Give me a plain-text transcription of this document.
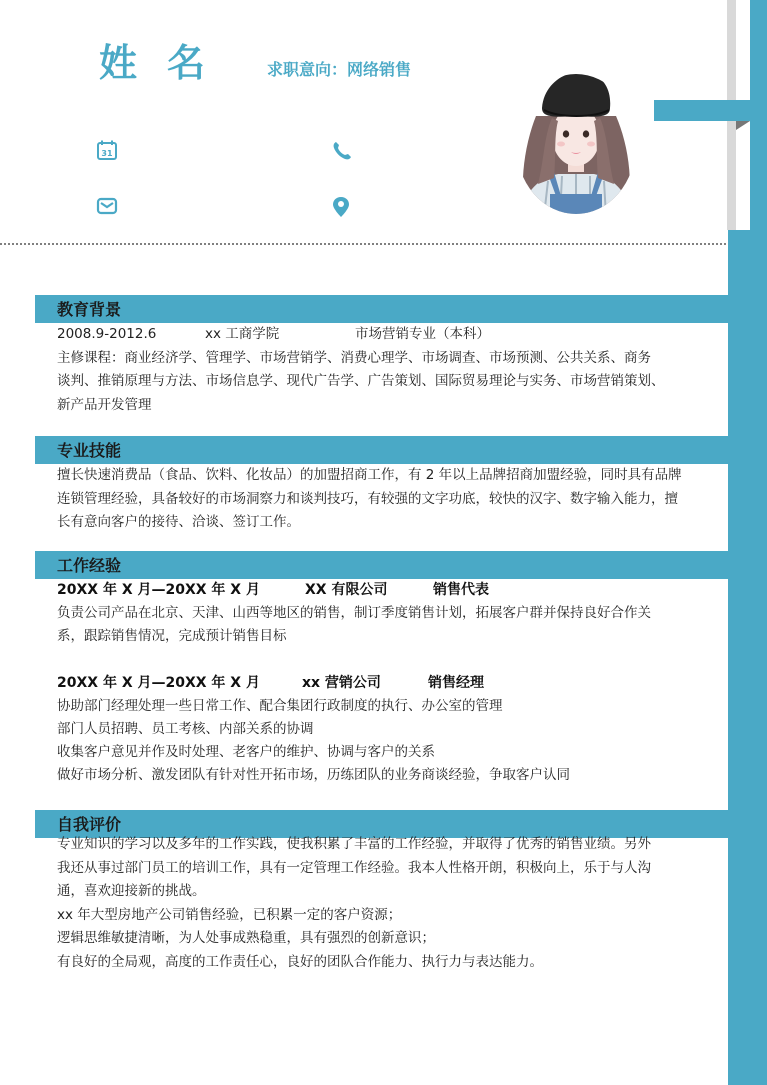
姓名 求职意向：网络销售
31
教育背景
2008.9-2012.6	xx 工商学院	市场营销专业（本科）
主修课程：商业经济学、管理学、市场营销学、消费心理学、市场调查、市场预测、公共关系、商务
谈判、推销原理与方法、市场信息学、现代广告学、广告策划、国际贸易理论与实务、市场营销策划、
新产品开发管理
专业技能
擅长快速消费品（食品、饮料、化妆品）的加盟招商工作，有 2 年以上品牌招商加盟经验，同时具有品牌
连锁管理经验，具备较好的市场洞察力和谈判技巧，有较强的文字功底，较快的汉字、数字输入能力，擅
长有意向客户的接待、洽谈、签订工作。
工作经验
20XX 年 X 月—20XX 年 X 月	XX 有限公司	销售代表
负责公司产品在北京、天津、山西等地区的销售，制订季度销售计划，拓展客户群并保持良好合作关
系，跟踪销售情况，完成预计销售目标
20XX 年 X 月—20XX 年 X 月	xx 营销公司	销售经理
协助部门经理处理一些日常工作、配合集团行政制度的执行、办公室的管理
部门人员招聘、员工考核、内部关系的协调
收集客户意见并作及时处理、老客户的维护、协调与客户的关系
做好市场分析、激发团队有针对性开拓市场，历练团队的业务商谈经验，争取客户认同
自我评价
专业知识的学习以及多年的工作实践，使我积累了丰富的工作经验，并取得了优秀的销售业绩。另外
我还从事过部门员工的培训工作，具有一定管理工作经验。我本人性格开朗，积极向上，乐于与人沟
通，喜欢迎接新的挑战。
xx 年大型房地产公司销售经验，已积累一定的客户资源；
逻辑思维敏捷清晰，为人处事成熟稳重，具有强烈的创新意识；
有良好的全局观，高度的工作责任心，良好的团队合作能力、执行力与表达能力。
